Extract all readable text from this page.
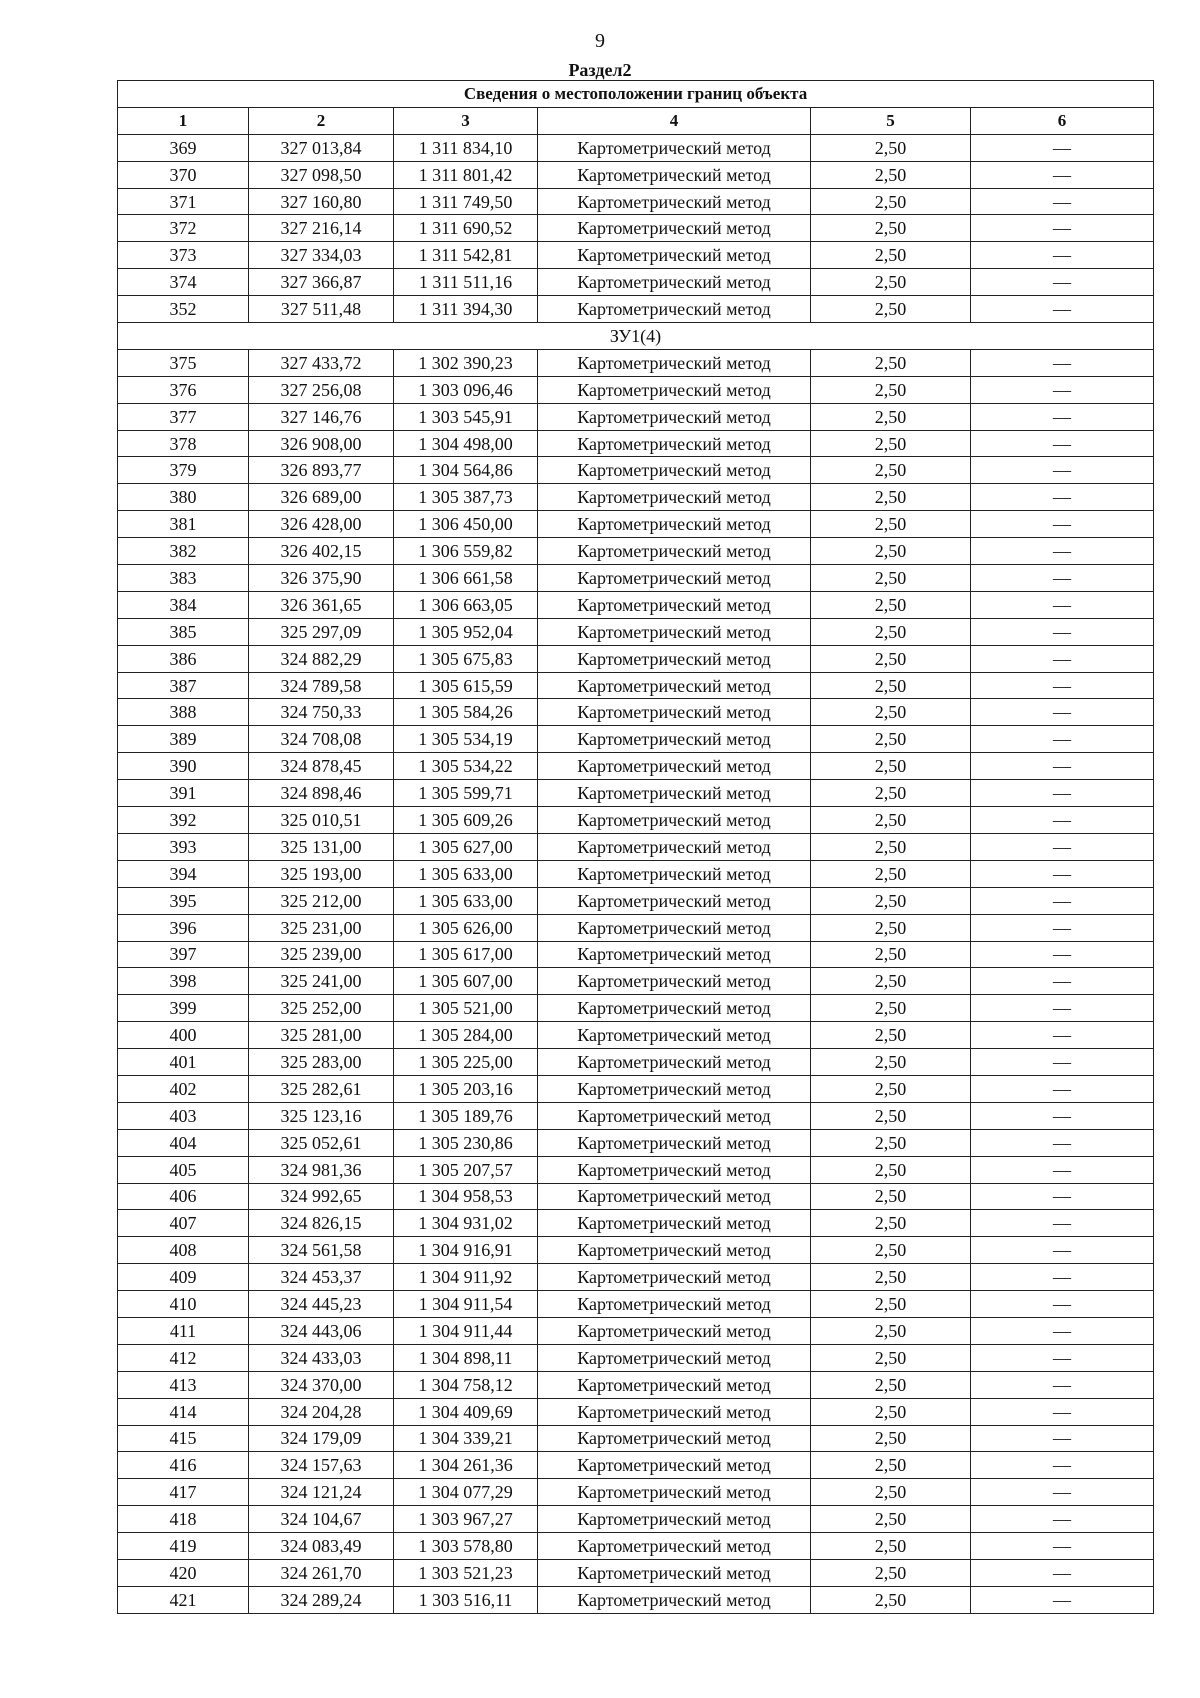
9
Раздел2
Сведения о местоположении границ объекта					
1	2	3	4	5	6
369	327 013,84	1 311 834,10	Картометрический метод	2,50	—
370	327 098,50	1 311 801,42	Картометрический метод	2,50	—
371	327 160,80	1 311 749,50	Картометрический метод	2,50	—
372	327 216,14	1 311 690,52	Картометрический метод	2,50	—
373	327 334,03	1 311 542,81	Картометрический метод	2,50	—
374	327 366,87	1 311 511,16	Картометрический метод	2,50	—
352	327 511,48	1 311 394,30	Картометрический метод	2,50	—
ЗУ1(4)					
375	327 433,72	1 302 390,23	Картометрический метод	2,50	—
376	327 256,08	1 303 096,46	Картометрический метод	2,50	—
377	327 146,76	1 303 545,91	Картометрический метод	2,50	—
378	326 908,00	1 304 498,00	Картометрический метод	2,50	—
379	326 893,77	1 304 564,86	Картометрический метод	2,50	—
380	326 689,00	1 305 387,73	Картометрический метод	2,50	—
381	326 428,00	1 306 450,00	Картометрический метод	2,50	—
382	326 402,15	1 306 559,82	Картометрический метод	2,50	—
383	326 375,90	1 306 661,58	Картометрический метод	2,50	—
384	326 361,65	1 306 663,05	Картометрический метод	2,50	—
385	325 297,09	1 305 952,04	Картометрический метод	2,50	—
386	324 882,29	1 305 675,83	Картометрический метод	2,50	—
387	324 789,58	1 305 615,59	Картометрический метод	2,50	—
388	324 750,33	1 305 584,26	Картометрический метод	2,50	—
389	324 708,08	1 305 534,19	Картометрический метод	2,50	—
390	324 878,45	1 305 534,22	Картометрический метод	2,50	—
391	324 898,46	1 305 599,71	Картометрический метод	2,50	—
392	325 010,51	1 305 609,26	Картометрический метод	2,50	—
393	325 131,00	1 305 627,00	Картометрический метод	2,50	—
394	325 193,00	1 305 633,00	Картометрический метод	2,50	—
395	325 212,00	1 305 633,00	Картометрический метод	2,50	—
396	325 231,00	1 305 626,00	Картометрический метод	2,50	—
397	325 239,00	1 305 617,00	Картометрический метод	2,50	—
398	325 241,00	1 305 607,00	Картометрический метод	2,50	—
399	325 252,00	1 305 521,00	Картометрический метод	2,50	—
400	325 281,00	1 305 284,00	Картометрический метод	2,50	—
401	325 283,00	1 305 225,00	Картометрический метод	2,50	—
402	325 282,61	1 305 203,16	Картометрический метод	2,50	—
403	325 123,16	1 305 189,76	Картометрический метод	2,50	—
404	325 052,61	1 305 230,86	Картометрический метод	2,50	—
405	324 981,36	1 305 207,57	Картометрический метод	2,50	—
406	324 992,65	1 304 958,53	Картометрический метод	2,50	—
407	324 826,15	1 304 931,02	Картометрический метод	2,50	—
408	324 561,58	1 304 916,91	Картометрический метод	2,50	—
409	324 453,37	1 304 911,92	Картометрический метод	2,50	—
410	324 445,23	1 304 911,54	Картометрический метод	2,50	—
411	324 443,06	1 304 911,44	Картометрический метод	2,50	—
412	324 433,03	1 304 898,11	Картометрический метод	2,50	—
413	324 370,00	1 304 758,12	Картометрический метод	2,50	—
414	324 204,28	1 304 409,69	Картометрический метод	2,50	—
415	324 179,09	1 304 339,21	Картометрический метод	2,50	—
416	324 157,63	1 304 261,36	Картометрический метод	2,50	—
417	324 121,24	1 304 077,29	Картометрический метод	2,50	—
418	324 104,67	1 303 967,27	Картометрический метод	2,50	—
419	324 083,49	1 303 578,80	Картометрический метод	2,50	—
420	324 261,70	1 303 521,23	Картометрический метод	2,50	—
421	324 289,24	1 303 516,11	Картометрический метод	2,50	—
